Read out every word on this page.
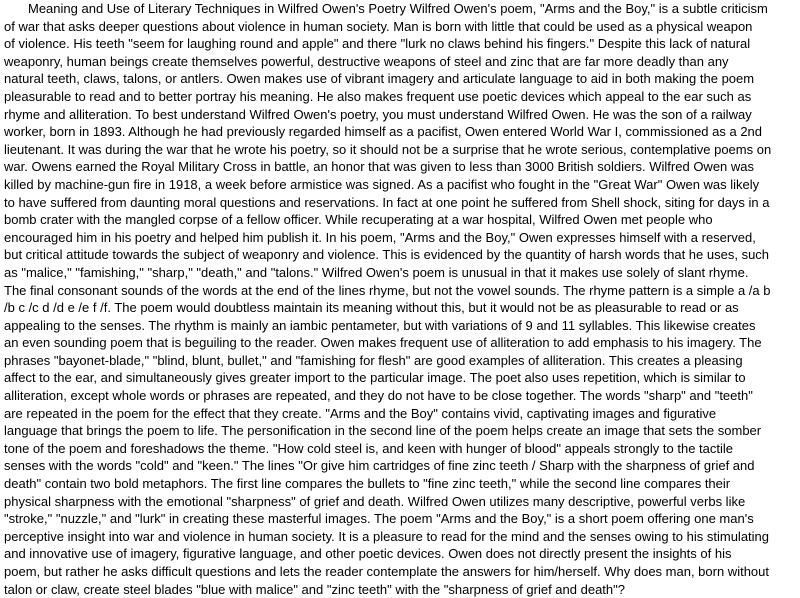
Meaning and Use of Literary Techniques in Wilfred Owen's Poetry Wilfred Owen's poem, "Arms and the Boy," is a subtle criticism
of war that asks deeper questions about violence in human society. Man is born with little that could be used as a physical weapon
of violence. His teeth "seem for laughing round and apple" and there "lurk no claws behind his fingers." Despite this lack of natural
weaponry, human beings create themselves powerful, destructive weapons of steel and zinc that are far more deadly than any
natural teeth, claws, talons, or antlers. Owen makes use of vibrant imagery and articulate language to aid in both making the poem
pleasurable to read and to better portray his meaning. He also makes frequent use poetic devices which appeal to the ear such as
rhyme and alliteration. To best understand Wilfred Owen's poetry, you must understand Wilfred Owen. He was the son of a railway
worker, born in 1893. Although he had previously regarded himself as a pacifist, Owen entered World War I, commissioned as a 2nd
lieutenant. It was during the war that he wrote his poetry, so it should not be a surprise that he wrote serious, contemplative poems on
war. Owens earned the Royal Military Cross in battle, an honor that was given to less than 3000 British soldiers. Wilfred Owen was
killed by machine-gun fire in 1918, a week before armistice was signed. As a pacifist who fought in the "Great War" Owen was likely
to have suffered from daunting moral questions and reservations. In fact at one point he suffered from Shell shock, siting for days in a
bomb crater with the mangled corpse of a fellow officer. While recuperating at a war hospital, Wilfred Owen met people who
encouraged him in his poetry and helped him publish it. In his poem, "Arms and the Boy," Owen expresses himself with a reserved,
but critical attitude towards the subject of weaponry and violence. This is evidenced by the quantity of harsh words that he uses, such
as "malice," "famishing," "sharp," "death," and "talons." Wilfred Owen's poem is unusual in that it makes use solely of slant rhyme.
The final consonant sounds of the words at the end of the lines rhyme, but not the vowel sounds. The rhyme pattern is a simple a /a b
/b c /c d /d e /e f /f. The poem would doubtless maintain its meaning without this, but it would not be as pleasurable to read or as
appealing to the senses. The rhythm is mainly an iambic pentameter, but with variations of 9 and 11 syllables. This likewise creates
an even sounding poem that is beguiling to the reader. Owen makes frequent use of alliteration to add emphasis to his imagery. The
phrases "bayonet-blade," "blind, blunt, bullet," and "famishing for flesh" are good examples of alliteration. This creates a pleasing
affect to the ear, and simultaneously gives greater import to the particular image. The poet also uses repetition, which is similar to
alliteration, except whole words or phrases are repeated, and they do not have to be close together. The words "sharp" and "teeth"
are repeated in the poem for the effect that they create. "Arms and the Boy" contains vivid, captivating images and figurative
language that brings the poem to life. The personification in the second line of the poem helps create an image that sets the somber
tone of the poem and foreshadows the theme. "How cold steel is, and keen with hunger of blood" appeals strongly to the tactile
senses with the words "cold" and "keen." The lines "Or give him cartridges of fine zinc teeth / Sharp with the sharpness of grief and
death" contain two bold metaphors. The first line compares the bullets to "fine zinc teeth," while the second line compares their
physical sharpness with the emotional "sharpness" of grief and death. Wilfred Owen utilizes many descriptive, powerful verbs like
"stroke," "nuzzle," and "lurk" in creating these masterful images. The poem "Arms and the Boy," is a short poem offering one man's
perceptive insight into war and violence in human society. It is a pleasure to read for the mind and the senses owing to his stimulating
and innovative use of imagery, figurative language, and other poetic devices. Owen does not directly present the insights of his
poem, but rather he asks difficult questions and lets the reader contemplate the answers for him/herself. Why does man, born without
talon or claw, create steel blades "blue with malice" and "zinc teeth" with the "sharpness of grief and death"?
